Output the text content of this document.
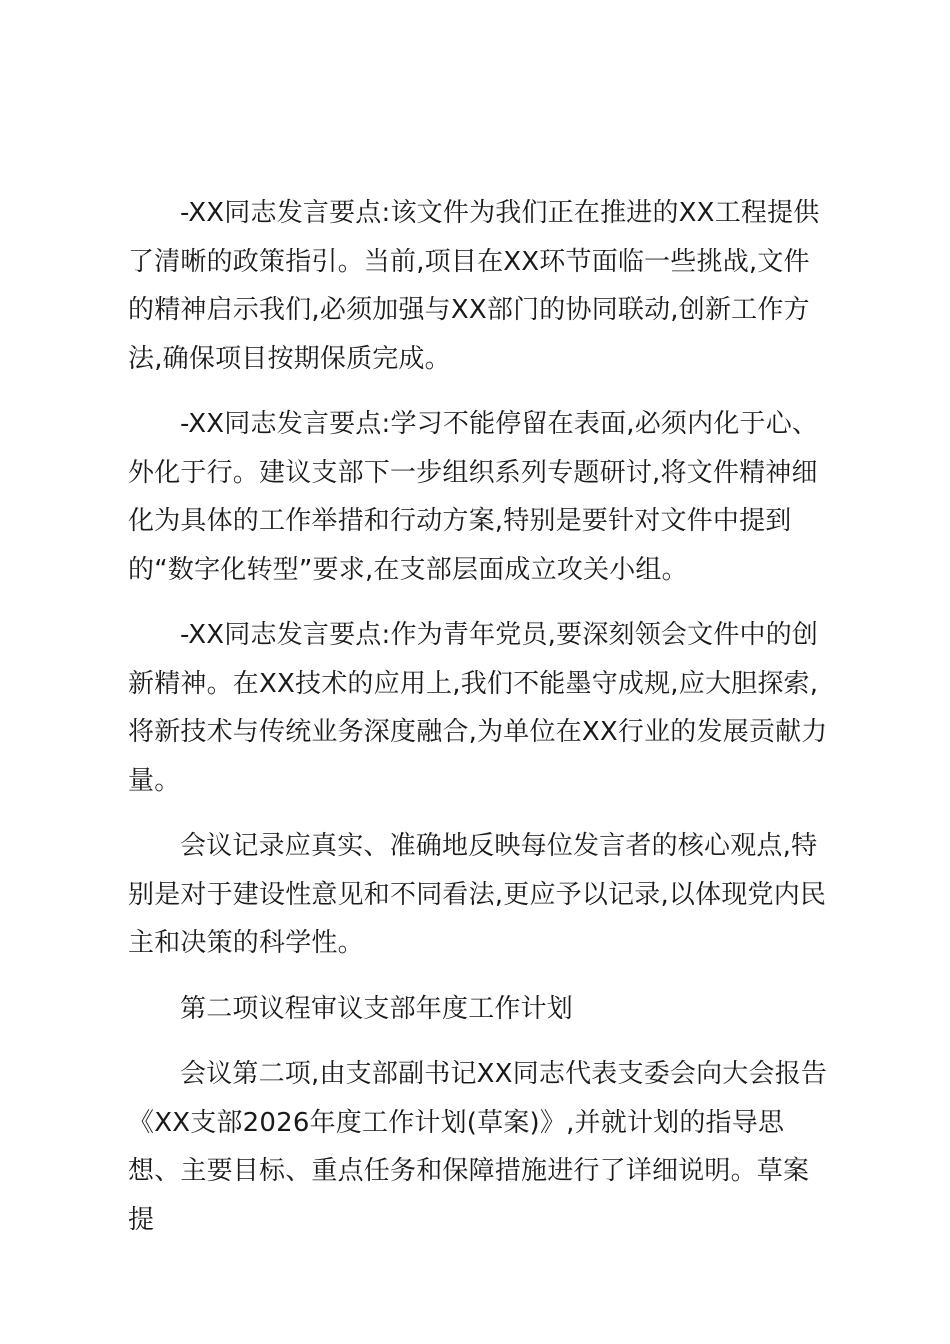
-XX同志发言要点:该文件为我们正在推进的XX工程提供了清晰的政策指引。当前,项目在XX环节面临一些挑战,文件的精神启示我们,必须加强与XX部门的协同联动,创新工作方法,确保项目按期保质完成。

-XX同志发言要点:学习不能停留在表面,必须内化于心、外化于行。建议支部下一步组织系列专题研讨,将文件精神细化为具体的工作举措和行动方案,特别是要针对文件中提到的“数字化转型”要求,在支部层面成立攻关小组。

-XX同志发言要点:作为青年党员,要深刻领会文件中的创新精神。在XX技术的应用上,我们不能墨守成规,应大胆探索,将新技术与传统业务深度融合,为单位在XX行业的发展贡献力量。

会议记录应真实、准确地反映每位发言者的核心观点,特别是对于建设性意见和不同看法,更应予以记录,以体现党内民主和决策的科学性。

第二项议程审议支部年度工作计划

会议第二项,由支部副书记XX同志代表支委会向大会报告《XX支部2026年度工作计划(草案)》,并就计划的指导思想、主要目标、重点任务和保障措施进行了详细说明。草案提
